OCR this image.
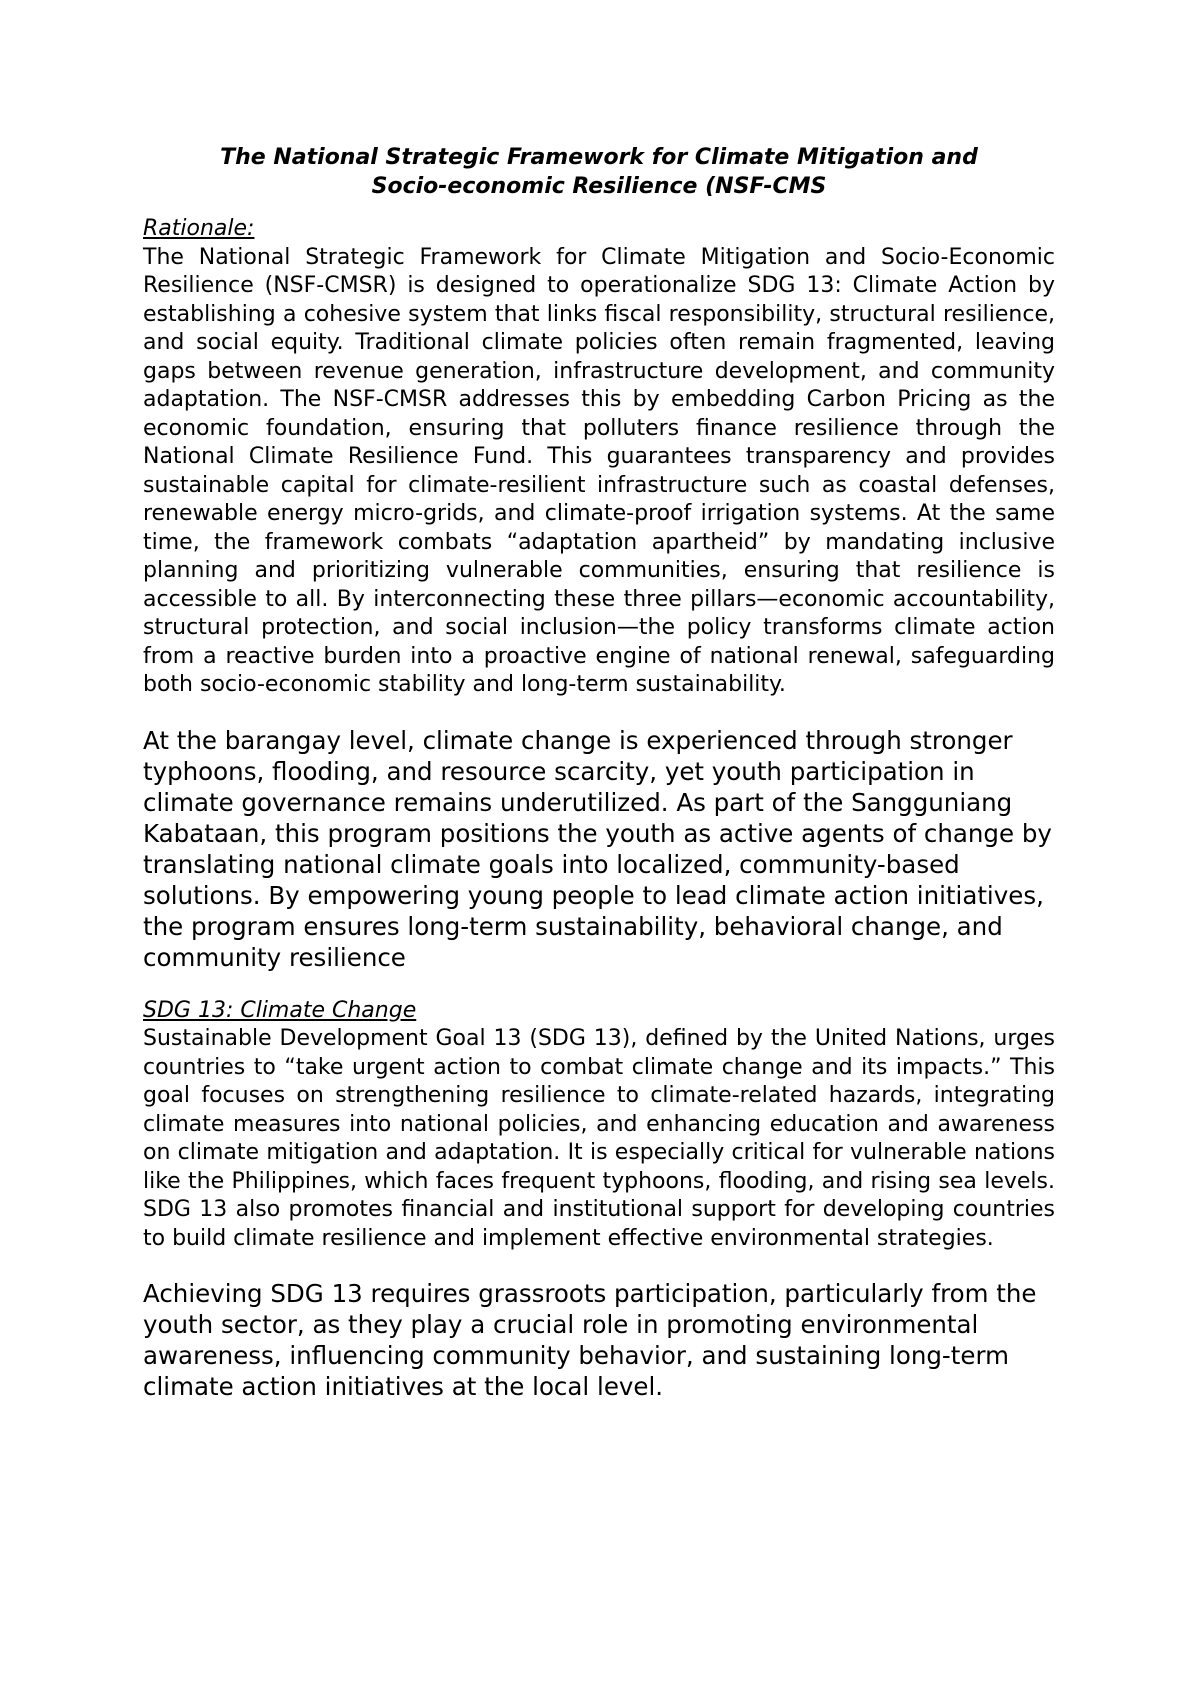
The National Strategic Framework for Climate Mitigation and

Socio-economic Resilience (NSF-CMS

Rationale:

The National Strategic Framework for Climate Mitigation and Socio-Economic Resilience (NSF-CMSR) is designed to operationalize SDG 13: Climate Action by establishing a cohesive system that links fiscal responsibility, structural resilience, and social equity. Traditional climate policies often remain fragmented, leaving gaps between revenue generation, infrastructure development, and community adaptation. The NSF-CMSR addresses this by embedding Carbon Pricing as the economic foundation, ensuring that polluters finance resilience through the National Climate Resilience Fund. This guarantees transparency and provides sustainable capital for climate-resilient infrastructure such as coastal defenses, renewable energy micro-grids, and climate-proof irrigation systems. At the same time, the framework combats “adaptation apartheid” by mandating inclusive planning and prioritizing vulnerable communities, ensuring that resilience is accessible to all. By interconnecting these three pillars—economic accountability, structural protection, and social inclusion—the policy transforms climate action from a reactive burden into a proactive engine of national renewal, safeguarding both socio-economic stability and long-term sustainability.

At the barangay level, climate change is experienced through stronger typhoons, flooding, and resource scarcity, yet youth participation in climate governance remains underutilized. As part of the Sangguniang Kabataan, this program positions the youth as active agents of change by translating national climate goals into localized, community-based solutions. By empowering young people to lead climate action initiatives, the program ensures long-term sustainability, behavioral change, and community resilience

SDG 13: Climate Change

Sustainable Development Goal 13 (SDG 13), defined by the United Nations, urges countries to “take urgent action to combat climate change and its impacts.” This goal focuses on strengthening resilience to climate-related hazards, integrating climate measures into national policies, and enhancing education and awareness on climate mitigation and adaptation. It is especially critical for vulnerable nations like the Philippines, which faces frequent typhoons, flooding, and rising sea levels. SDG 13 also promotes financial and institutional support for developing countries to build climate resilience and implement effective environmental strategies.

Achieving SDG 13 requires grassroots participation, particularly from the youth sector, as they play a crucial role in promoting environmental awareness, influencing community behavior, and sustaining long-term climate action initiatives at the local level.
